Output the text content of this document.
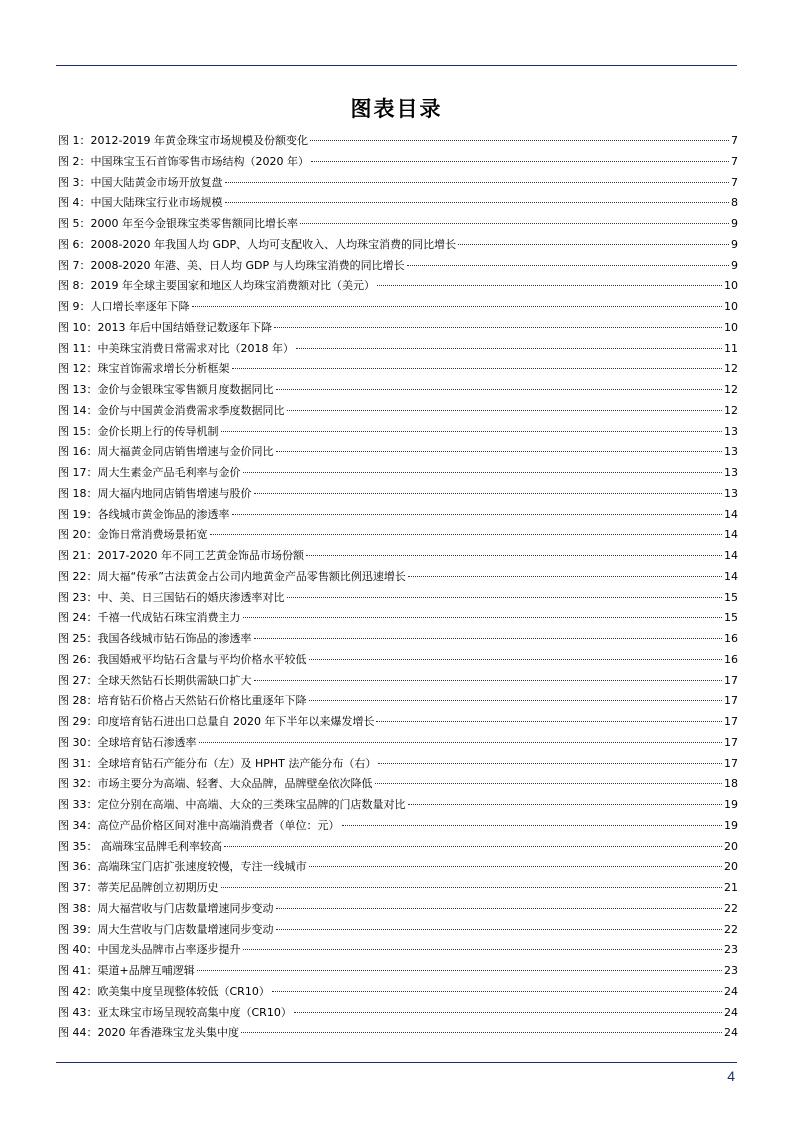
图表目录
图 1：2012-2019 年黄金珠宝市场规模及份额变化	7
图 2：中国珠宝玉石首饰零售市场结构（2020 年）	7
图 3：中国大陆黄金市场开放复盘	7
图 4：中国大陆珠宝行业市场规模	8
图 5：2000 年至今金银珠宝类零售额同比增长率	9
图 6：2008-2020 年我国人均 GDP、人均可支配收入、人均珠宝消费的同比增长	9
图 7：2008-2020 年港、美、日人均 GDP 与人均珠宝消费的同比增长	9
图 8：2019 年全球主要国家和地区人均珠宝消费额对比（美元）	10
图 9：人口增长率逐年下降	10
图 10：2013 年后中国结婚登记数逐年下降	10
图 11：中美珠宝消费日常需求对比（2018 年）	11
图 12：珠宝首饰需求增长分析框架	12
图 13：金价与金银珠宝零售额月度数据同比	12
图 14：金价与中国黄金消费需求季度数据同比	12
图 15：金价长期上行的传导机制	13
图 16：周大福黄金同店销售增速与金价同比	13
图 17：周大生素金产品毛利率与金价	13
图 18：周大福内地同店销售增速与股价	13
图 19：各线城市黄金饰品的渗透率	14
图 20：金饰日常消费场景拓宽	14
图 21：2017-2020 年不同工艺黄金饰品市场份额	14
图 22：周大福“传承”古法黄金占公司内地黄金产品零售额比例迅速增长	14
图 23：中、美、日三国钻石的婚庆渗透率对比	15
图 24：千禧一代成钻石珠宝消费主力	15
图 25：我国各线城市钻石饰品的渗透率	16
图 26：我国婚戒平均钻石含量与平均价格水平较低	16
图 27：全球天然钻石长期供需缺口扩大	17
图 28：培育钻石价格占天然钻石价格比重逐年下降	17
图 29：印度培育钻石进出口总量自 2020 年下半年以来爆发增长	17
图 30：全球培育钻石渗透率	17
图 31：全球培育钻石产能分布（左）及 HPHT 法产能分布（右）	17
图 32：市场主要分为高端、轻奢、大众品牌，品牌壁垒依次降低	18
图 33：定位分别在高端、中高端、大众的三类珠宝品牌的门店数量对比	19
图 34：高位产品价格区间对准中高端消费者（单位：元）	19
图 35： 高端珠宝品牌毛利率较高	20
图 36：高端珠宝门店扩张速度较慢，专注一线城市	20
图 37：蒂芙尼品牌创立初期历史	21
图 38：周大福营收与门店数量增速同步变动	22
图 39：周大生营收与门店数量增速同步变动	22
图 40：中国龙头品牌市占率逐步提升	23
图 41：渠道+品牌互哺逻辑	23
图 42：欧美集中度呈现整体较低（CR10）	24
图 43：亚太珠宝市场呈现较高集中度（CR10）	24
图 44：2020 年香港珠宝龙头集中度	24
4
